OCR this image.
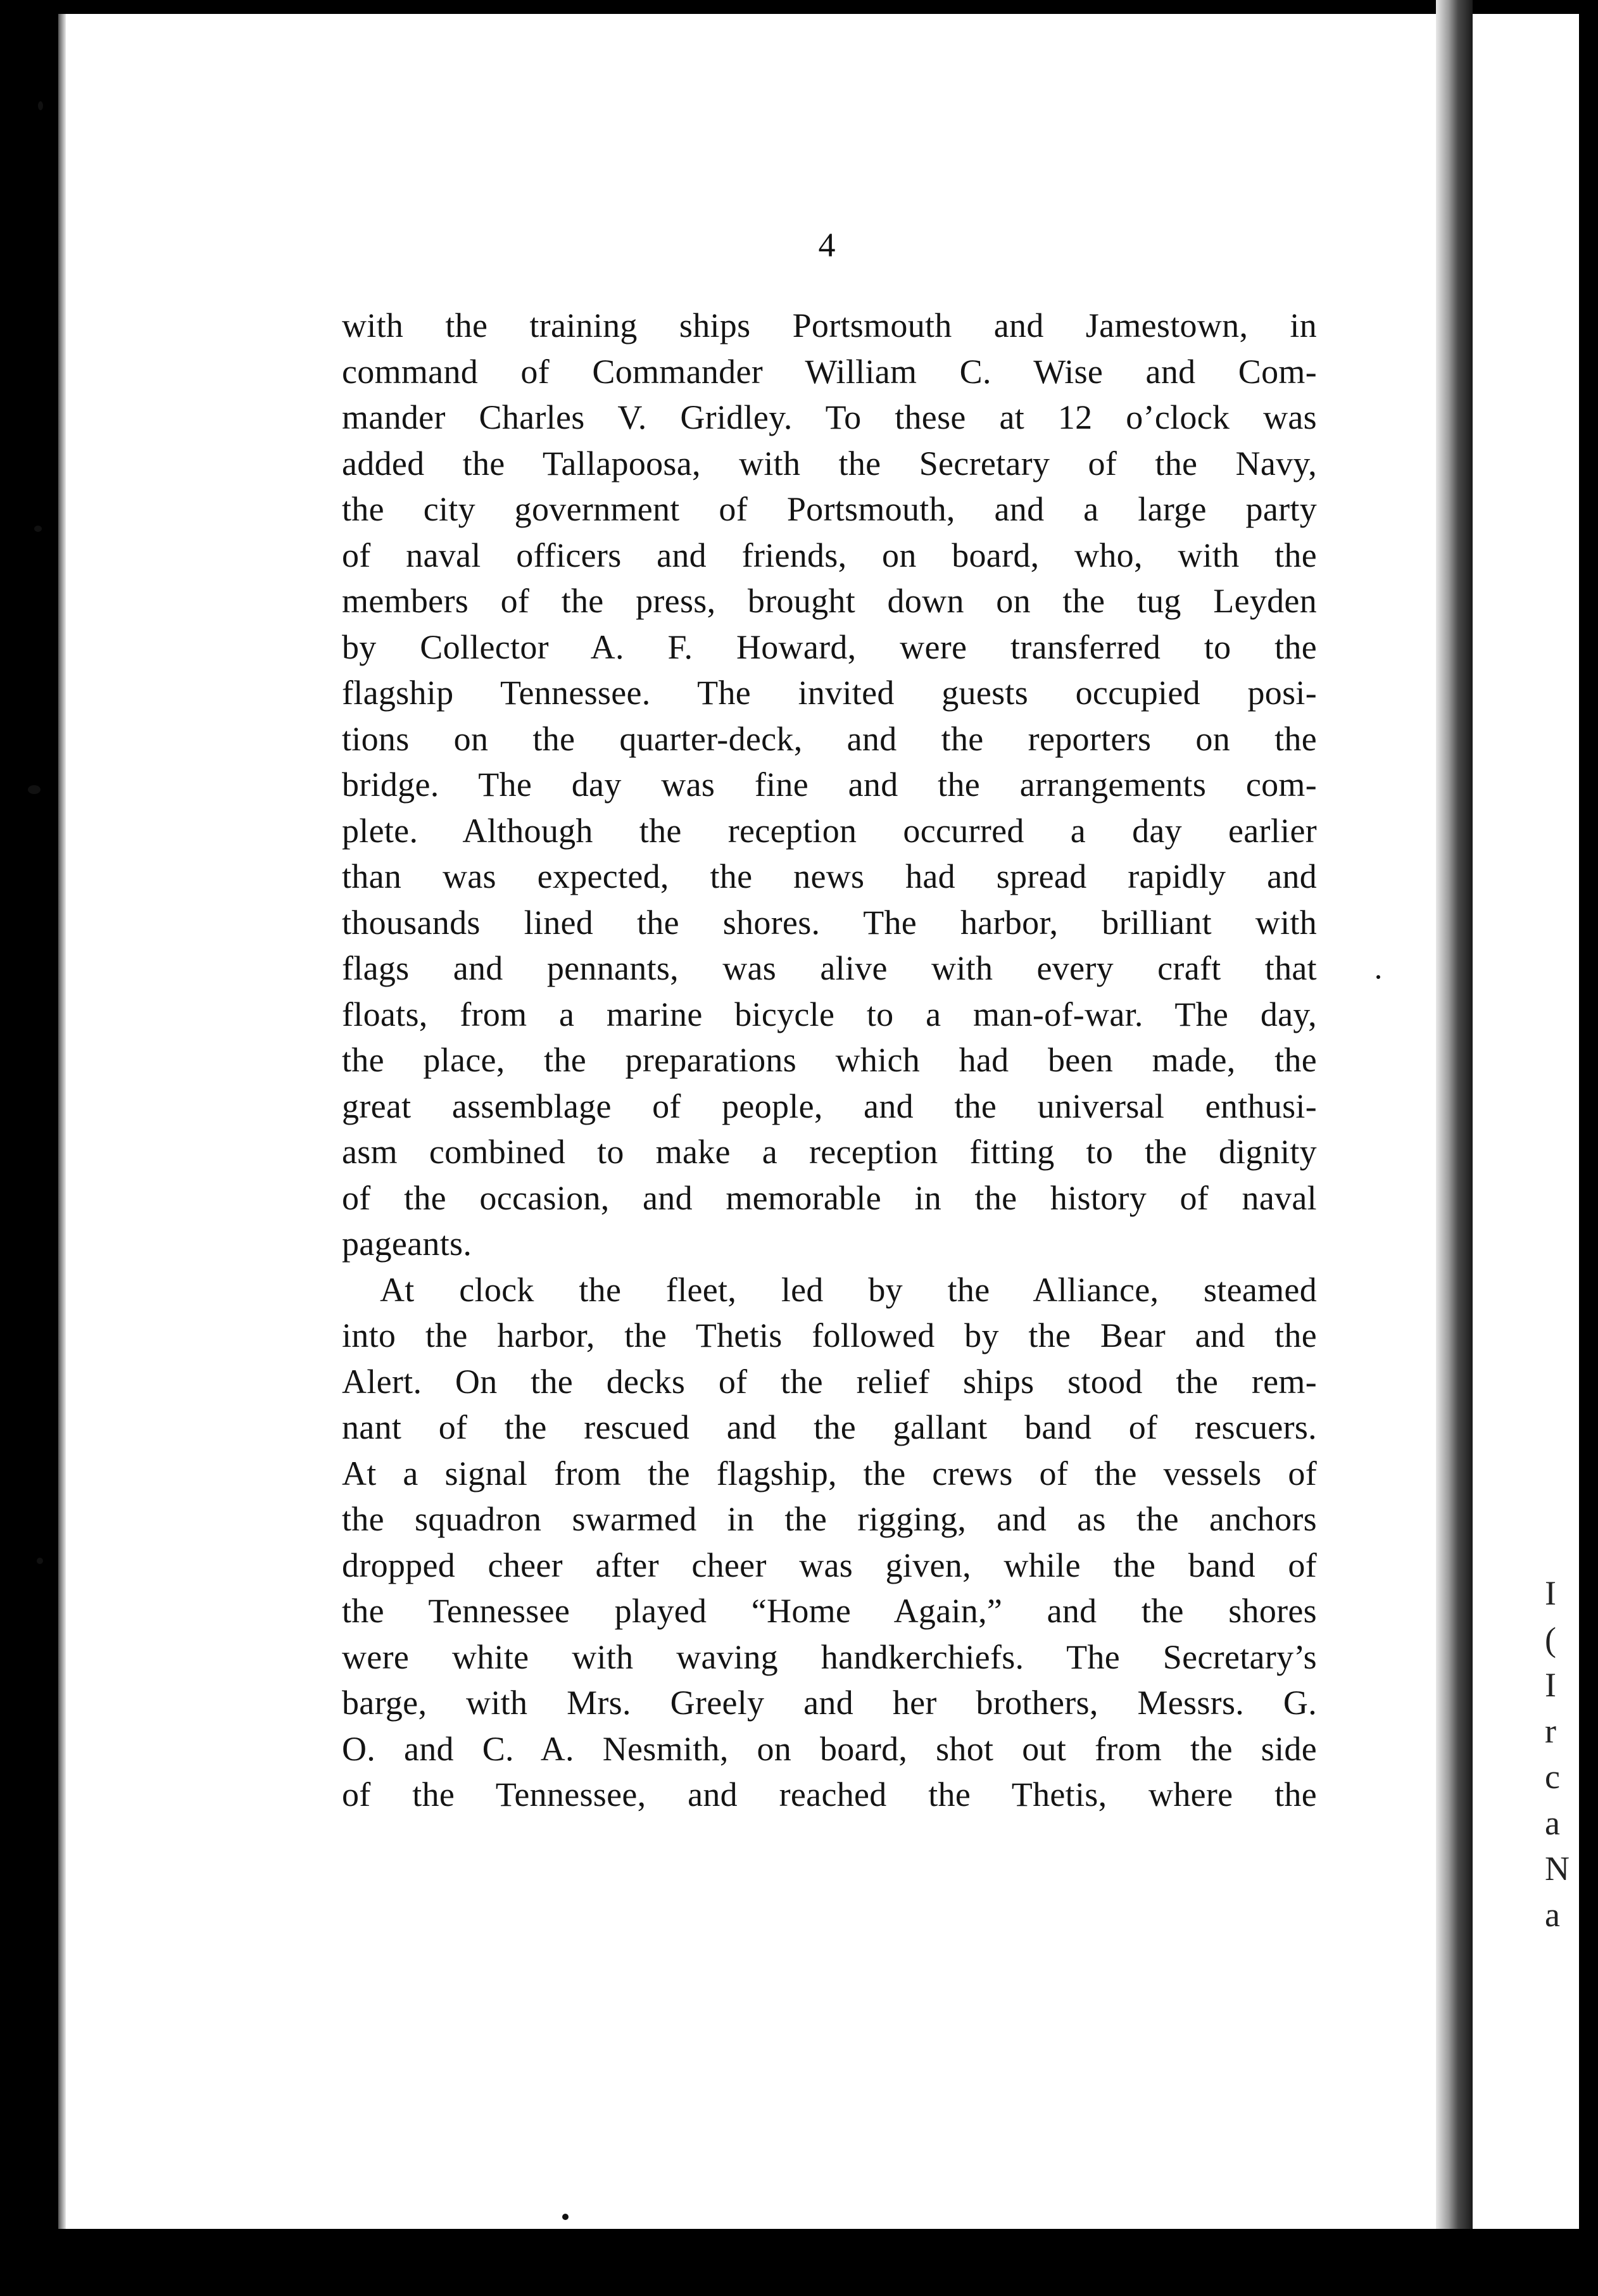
4
with the training ships Portsmouth and Jamestown, in
command of Commander William C. Wise and Com-
mander Charles V. Gridley. To these at 12 o’clock was
added the Tallapoosa, with the Secretary of the Navy,
the city government of Portsmouth, and a large party
of naval officers and friends, on board, who, with the
members of the press, brought down on the tug Leyden
by Collector A. F. Howard, were transferred to the
flagship Tennessee. The invited guests occupied posi-
tions on the quarter-deck, and the reporters on the
bridge. The day was fine and the arrangements com-
plete. Although the reception occurred a day earlier
than was expected, the news had spread rapidly and
thousands lined the shores. The harbor, brilliant with
flags and pennants, was alive with every craft that
floats, from a marine bicycle to a man-of-war. The day,
the place, the preparations which had been made, the
great assemblage of people, and the universal enthusi-
asm combined to make a reception fitting to the dignity
of the occasion, and memorable in the history of naval
pageants.
At clock the fleet, led by the Alliance, steamed
into the harbor, the Thetis followed by the Bear and the
Alert. On the decks of the relief ships stood the rem-
nant of the rescued and the gallant band of rescuers.
At a signal from the flagship, the crews of the vessels of
the squadron swarmed in the rigging, and as the anchors
dropped cheer after cheer was given, while the band of
the Tennessee played “Home Again,” and the shores
were white with waving handkerchiefs. The Secretary’s
barge, with Mrs. Greely and her brothers, Messrs. G.
O. and C. A. Nesmith, on board, shot out from the side
of the Tennessee, and reached the Thetis, where the
I
(
I
r
c
a
N
a
